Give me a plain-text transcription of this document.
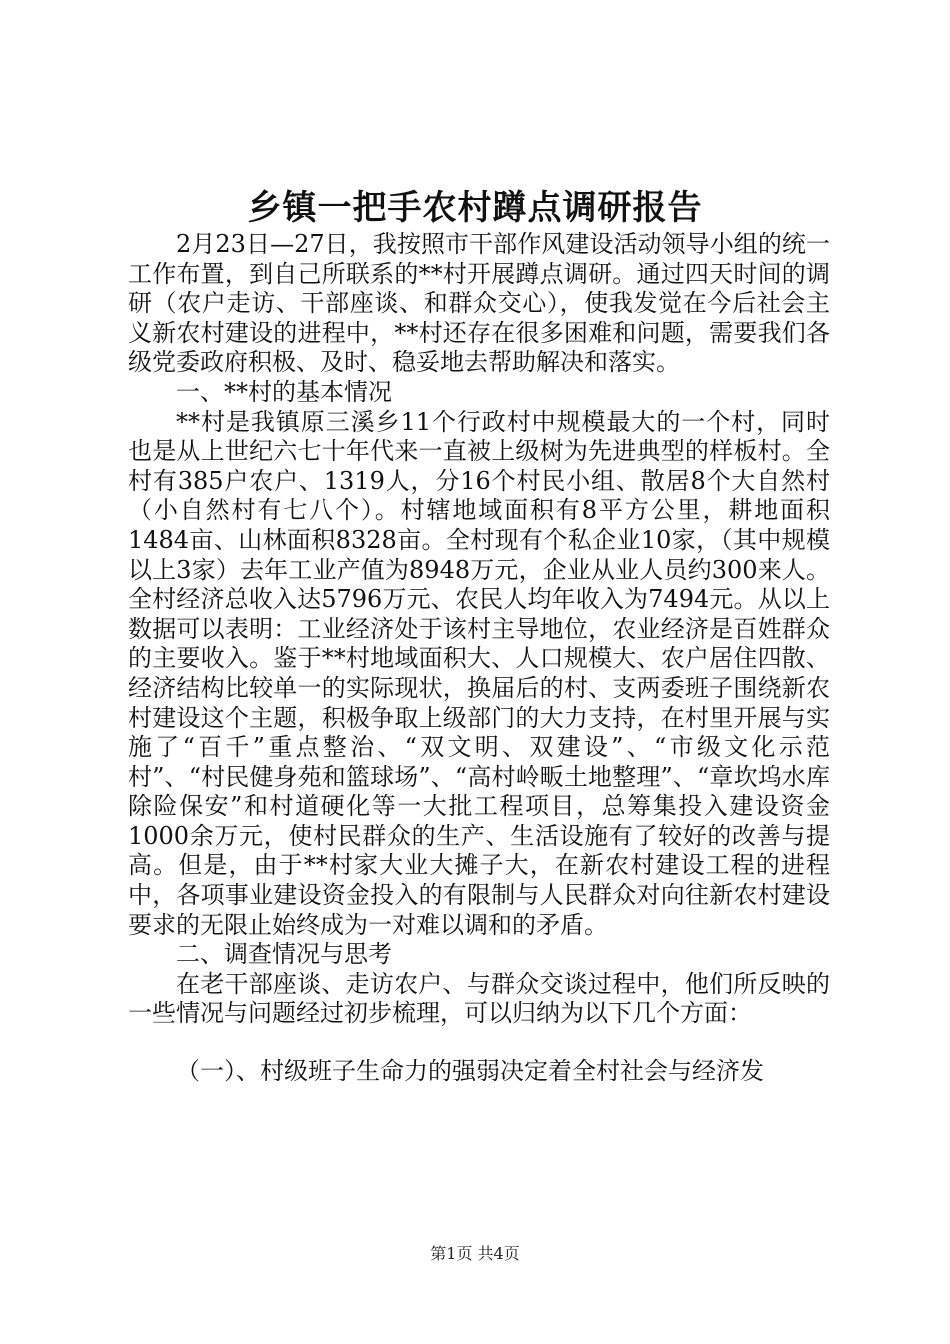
乡镇一把手农村蹲点调研报告

2月23日—27日，我按照市干部作风建设活动领导小组的统一工作布置，到自己所联系的**村开展蹲点调研。通过四天时间的调研（农户走访、干部座谈、和群众交心），使我发觉在今后社会主义新农村建设的进程中，**村还存在很多困难和问题，需要我们各级党委政府积极、及时、稳妥地去帮助解决和落实。

一、**村的基本情况

**村是我镇原三溪乡11个行政村中规模最大的一个村，同时也是从上世纪六七十年代来一直被上级树为先进典型的样板村。全村有385户农户、1319人，分16个村民小组、散居8个大自然村（小自然村有七八个）。村辖地域面积有8平方公里，耕地面积1484亩、山林面积8328亩。全村现有个私企业10家，（其中规模以上3家）去年工业产值为8948万元，企业从业人员约300来人。全村经济总收入达5796万元、农民人均年收入为7494元。从以上数据可以表明：工业经济处于该村主导地位，农业经济是百姓群众的主要收入。鉴于**村地域面积大、人口规模大、农户居住四散、经济结构比较单一的实际现状，换届后的村、支两委班子围绕新农村建设这个主题，积极争取上级部门的大力支持，在村里开展与实施了“百千”重点整治、“双文明、双建设”、“市级文化示范村”、“村民健身苑和篮球场”、“高村岭畈土地整理”、“章坎坞水库除险保安”和村道硬化等一大批工程项目，总筹集投入建设资金1000余万元，使村民群众的生产、生活设施有了较好的改善与提高。但是，由于**村家大业大摊子大，在新农村建设工程的进程中，各项事业建设资金投入的有限制与人民群众对向往新农村建设要求的无限止始终成为一对难以调和的矛盾。

二、调查情况与思考

在老干部座谈、走访农户、与群众交谈过程中，他们所反映的一些情况与问题经过初步梳理，可以归纳为以下几个方面：

（一）、村级班子生命力的强弱决定着全村社会与经济发

第1页 共4页
